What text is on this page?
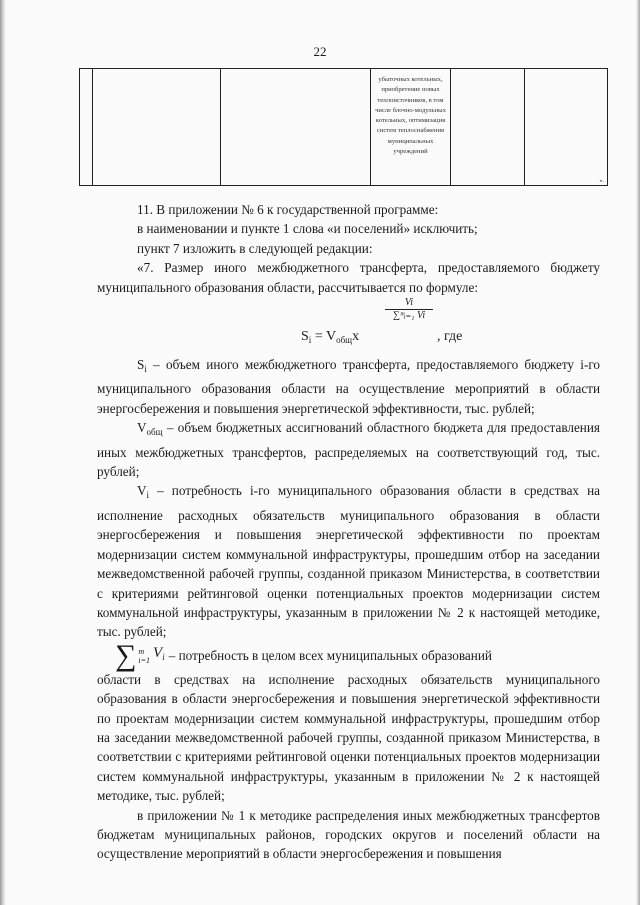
22

убыточных котельных, приобретение новых теплоисточников, в том числе блочно-модульных котельных, оптимизация систем теплоснабжения муниципальных учреждений

».

11. В приложении № 6 к государственной программе:

в наименовании и пункте 1 слова «и поселений» исключить;

пункт 7 изложить в следующей редакции:

«7. Размер иного межбюджетного трансферта, предоставляемого бюджету муниципального образования области, рассчитывается по формуле:

$S_i = V_{общ}x$
Vi
∑ᵐᵢ₌₁ Vi
, где

$S_i$ – объем иного межбюджетного трансферта, предоставляемого бюджету i-го муниципального образования области на осуществление мероприятий в области энергосбережения и повышения энергетической эффективности, тыс. рублей;

$V_{общ}$ – объем бюджетных ассигнований областного бюджета для предоставления иных межбюджетных трансфертов, распределяемых на соответствующий год, тыс. рублей;

$V_i$ – потребность i-го муниципального образования области в средствах на исполнение расходных обязательств муниципального образования в области энергосбережения и повышения энергетической эффективности по проектам модернизации систем коммунальной инфраструктуры, прошедшим отбор на заседании межведомственной рабочей группы, созданной приказом Министерства, в соответствии с критериями рейтинговой оценки потенциальных проектов модернизации систем коммунальной инфраструктуры, указанным в приложении № 2 к настоящей методике, тыс. рублей;

∑ m
i=1 $V_i$ –
потребность в целом всех муниципальных образований

области в средствах на исполнение расходных обязательств муниципального образования в области энергосбережения и повышения энергетической эффективности по проектам модернизации систем коммунальной инфраструктуры, прошедшим отбор на заседании межведомственной рабочей группы, созданной приказом Министерства, в соответствии с критериями рейтинговой оценки потенциальных проектов модернизации систем коммунальной инфраструктуры, указанным в приложении № 2 к настоящей методике, тыс. рублей;

в приложении № 1 к методике распределения иных межбюджетных трансфертов бюджетам муниципальных районов, городских округов и поселений области на осуществление мероприятий в области энергосбережения и повышения
